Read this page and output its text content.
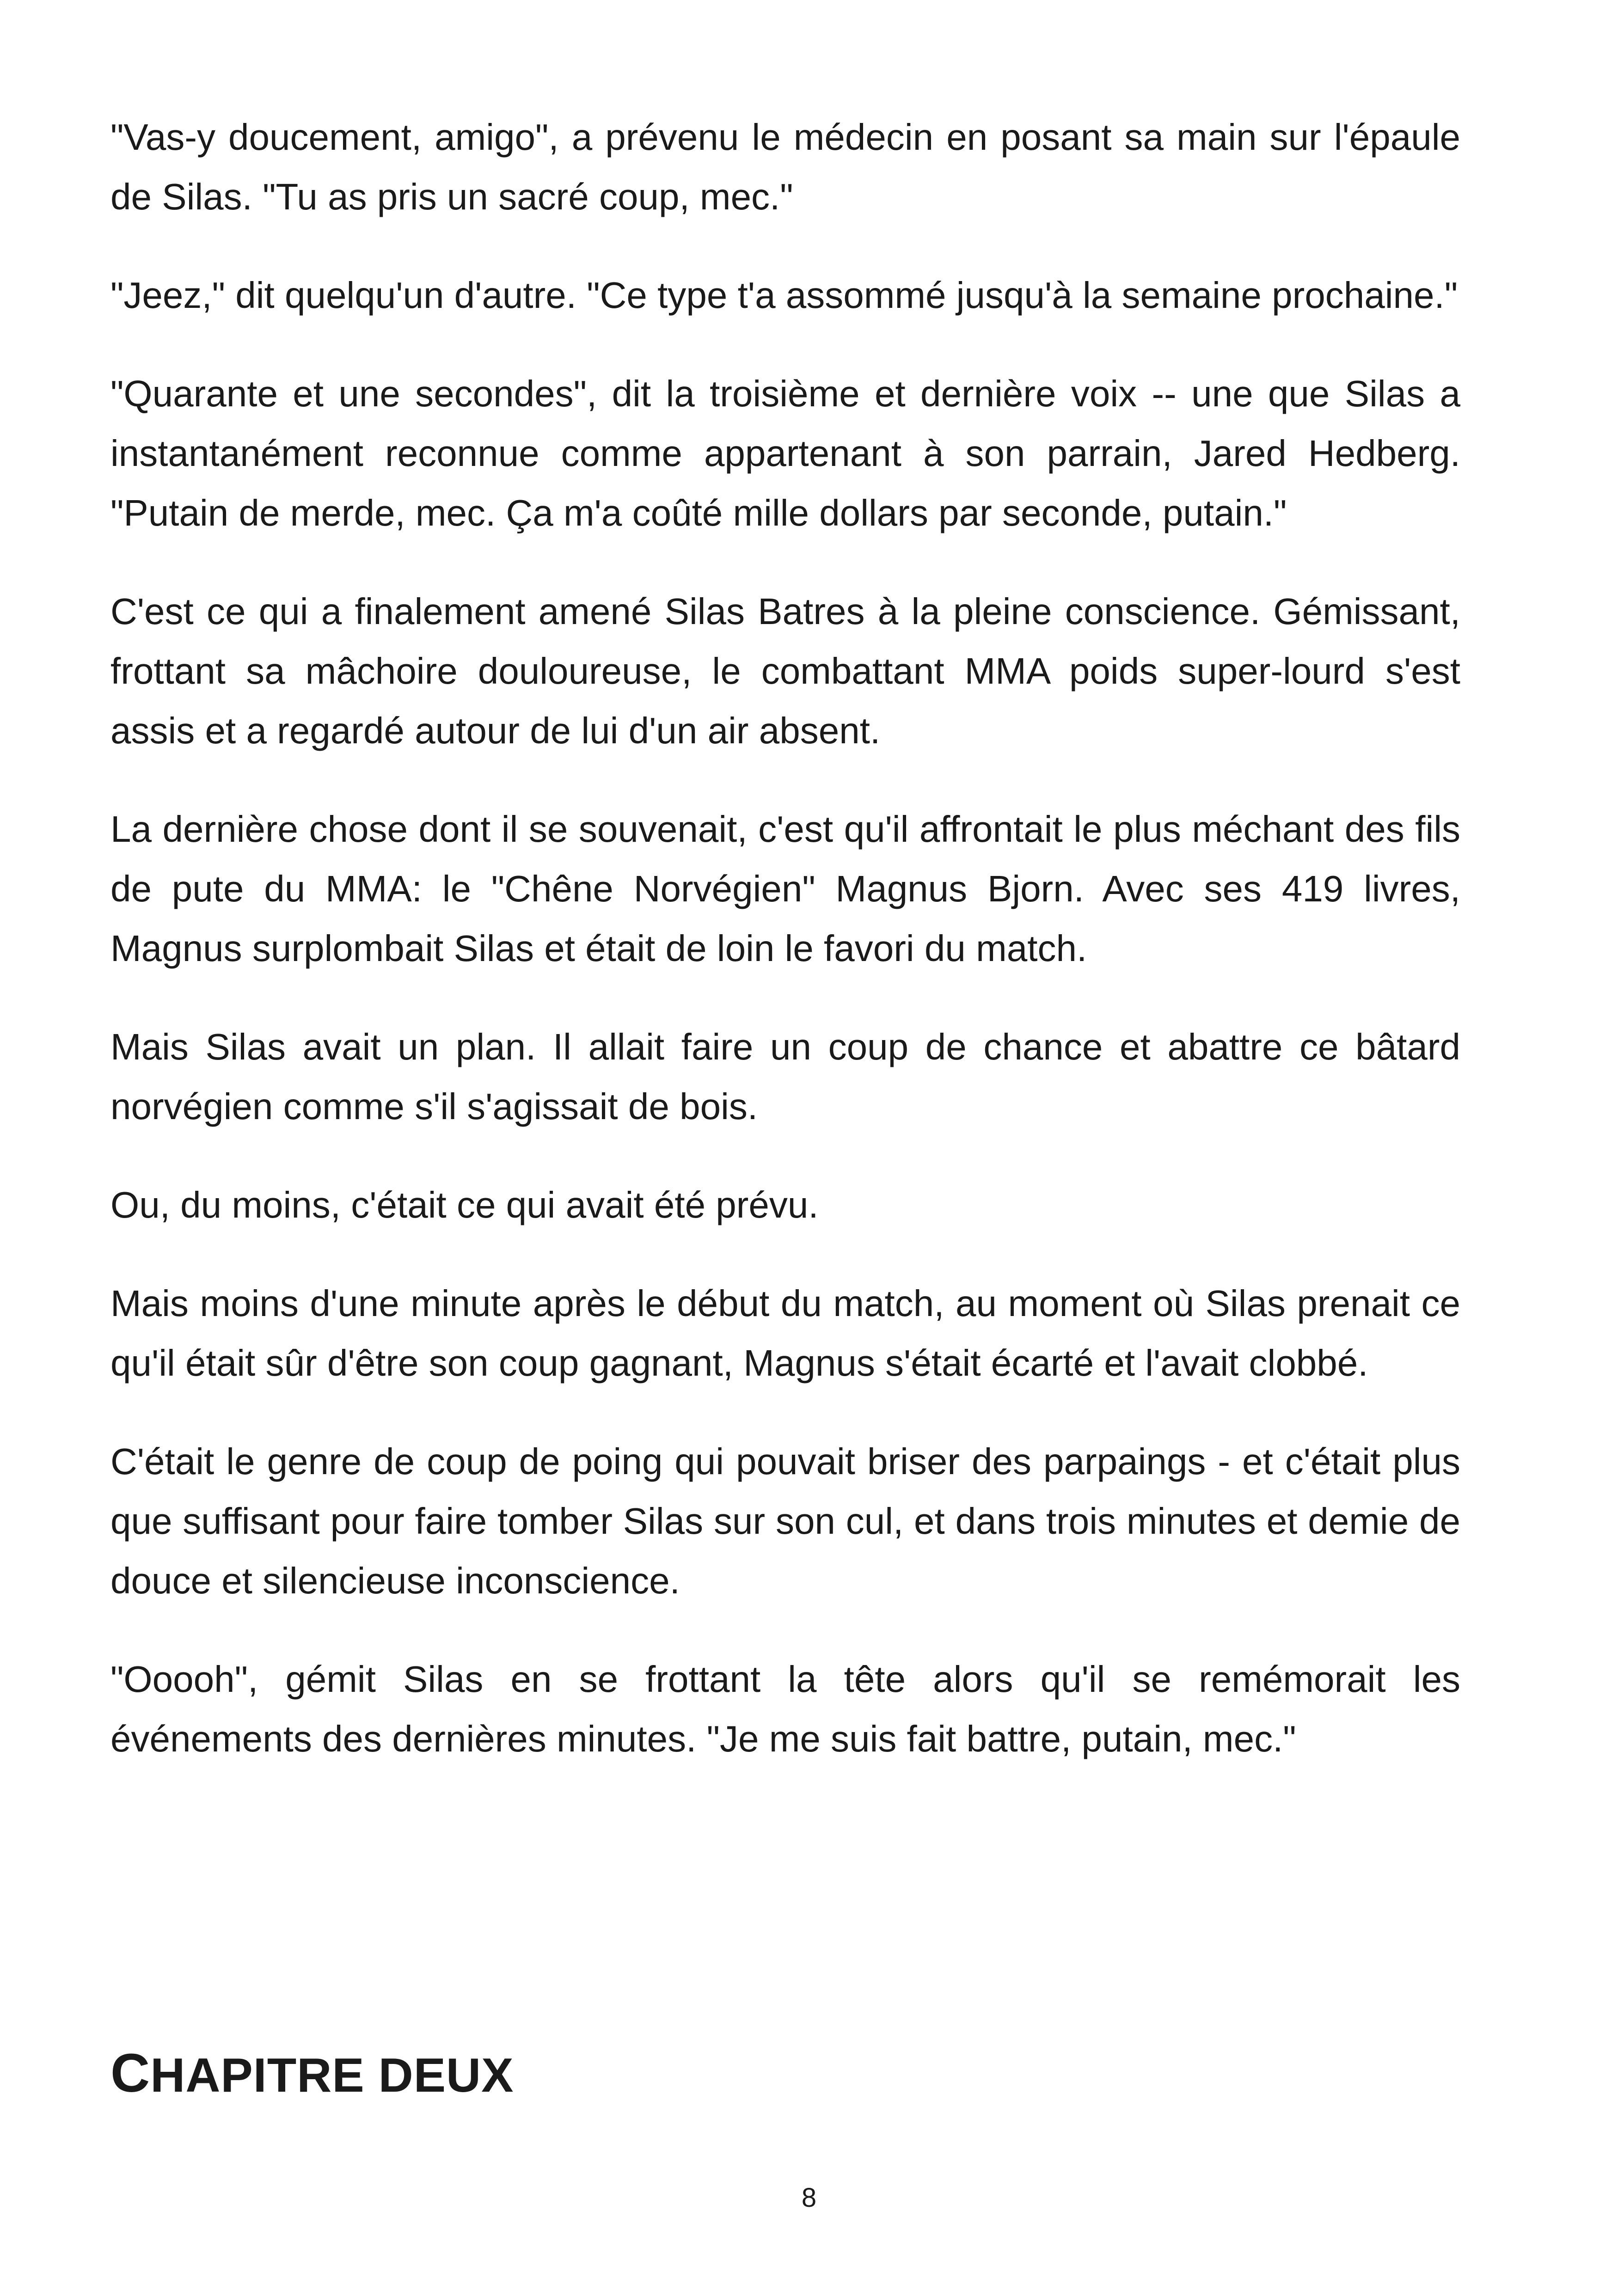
"Vas-y doucement, amigo", a prévenu le médecin en posant sa main sur l'épaule de Silas. "Tu as pris un sacré coup, mec."

"Jeez," dit quelqu'un d'autre. "Ce type t'a assommé jusqu'à la semaine prochaine."

"Quarante et une secondes", dit la troisième et dernière voix -- une que Silas a instantanément reconnue comme appartenant à son parrain, Jared Hedberg. "Putain de merde, mec. Ça m'a coûté mille dollars par seconde, putain."

C'est ce qui a finalement amené Silas Batres à la pleine conscience. Gémissant, frottant sa mâchoire douloureuse, le combattant MMA poids super-lourd s'est assis et a regardé autour de lui d'un air absent.

La dernière chose dont il se souvenait, c'est qu'il affrontait le plus méchant des fils de pute du MMA: le "Chêne Norvégien" Magnus Bjorn. Avec ses 419 livres, Magnus surplombait Silas et était de loin le favori du match.

Mais Silas avait un plan. Il allait faire un coup de chance et abattre ce bâtard norvégien comme s'il s'agissait de bois.

Ou, du moins, c'était ce qui avait été prévu.

Mais moins d'une minute après le début du match, au moment où Silas prenait ce qu'il était sûr d'être son coup gagnant, Magnus s'était écarté et l'avait clobbé.

C'était le genre de coup de poing qui pouvait briser des parpaings - et c'était plus que suffisant pour faire tomber Silas sur son cul, et dans trois minutes et demie de douce et silencieuse inconscience.

"Ooooh", gémit Silas en se frottant la tête alors qu'il se remémorait les événements des dernières minutes. "Je me suis fait battre, putain, mec."

CHAPITRE DEUX
8
